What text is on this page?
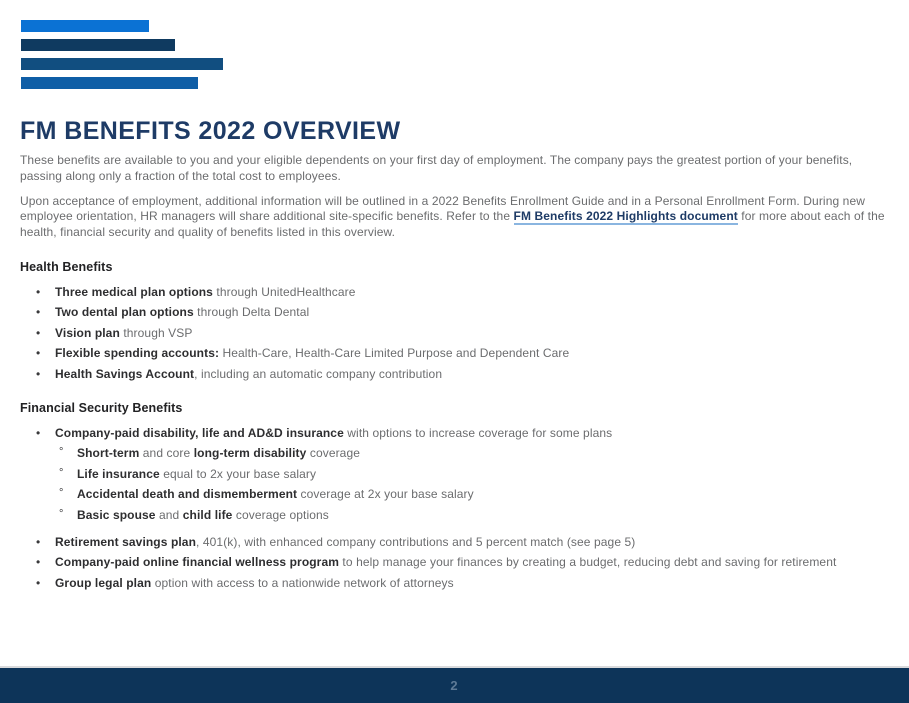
FM BENEFITS 2022 OVERVIEW

These benefits are available to you and your eligible dependents on your first day of employment. The company pays the greatest portion of your benefits, passing along only a fraction of the total cost to employees.

Upon acceptance of employment, additional information will be outlined in a 2022 Benefits Enrollment Guide and in a Personal Enrollment Form. During new employee orientation, HR managers will share additional site-specific benefits. Refer to the FM Benefits 2022 Highlights document for more about each of the health, financial security and quality of benefits listed in this overview.

Health Benefits
• Three medical plan options through UnitedHealthcare
• Two dental plan options through Delta Dental
• Vision plan through VSP
• Flexible spending accounts: Health-Care, Health-Care Limited Purpose and Dependent Care
• Health Savings Account, including an automatic company contribution
Financial Security Benefits
• Company-paid disability, life and AD&D insurance with options to increase coverage for some plans
° Short-term and core long-term disability coverage
° Life insurance equal to 2x your base salary
° Accidental death and dismemberment coverage at 2x your base salary
° Basic spouse and child life coverage options
• Retirement savings plan, 401(k), with enhanced company contributions and 5 percent match (see page 5)
• Company-paid online financial wellness program to help manage your finances by creating a budget, reducing debt and saving for retirement
• Group legal plan option with access to a nationwide network of attorneys
2
